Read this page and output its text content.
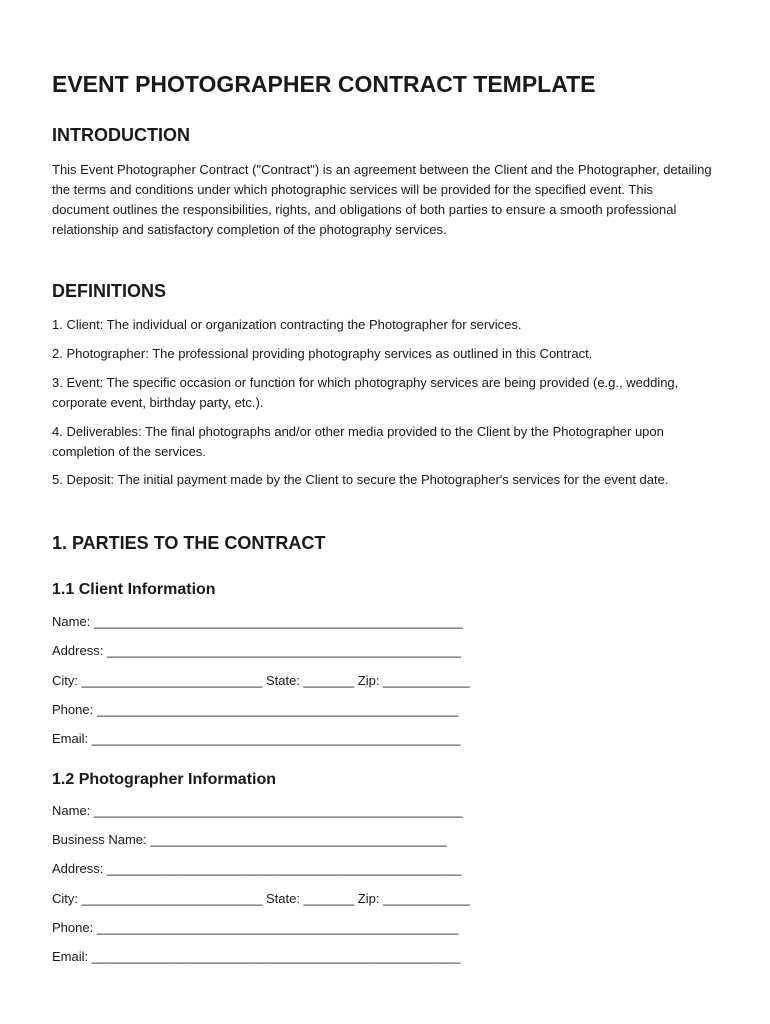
EVENT PHOTOGRAPHER CONTRACT TEMPLATE
INTRODUCTION

This Event Photographer Contract ("Contract") is an agreement between the Client and the Photographer, detailing the terms and conditions under which photographic services will be provided for the specified event. This document outlines the responsibilities, rights, and obligations of both parties to ensure a smooth professional relationship and satisfactory completion of the photography services.

DEFINITIONS

1. Client: The individual or organization contracting the Photographer for services.

2. Photographer: The professional providing photography services as outlined in this Contract.

3. Event: The specific occasion or function for which photography services are being provided (e.g., wedding, corporate event, birthday party, etc.).

4. Deliverables: The final photographs and/or other media provided to the Client by the Photographer upon completion of the services.

5. Deposit: The initial payment made by the Client to secure the Photographer's services for the event date.

1. PARTIES TO THE CONTRACT
1.1 Client Information

Name: ___________________________________________________

Address: _________________________________________________

City: _________________________ State: _______ Zip: ____________

Phone: __________________________________________________

Email: ___________________________________________________

1.2 Photographer Information

Name: ___________________________________________________

Business Name: _________________________________________

Address: _________________________________________________

City: _________________________ State: _______ Zip: ____________

Phone: __________________________________________________

Email: ___________________________________________________
